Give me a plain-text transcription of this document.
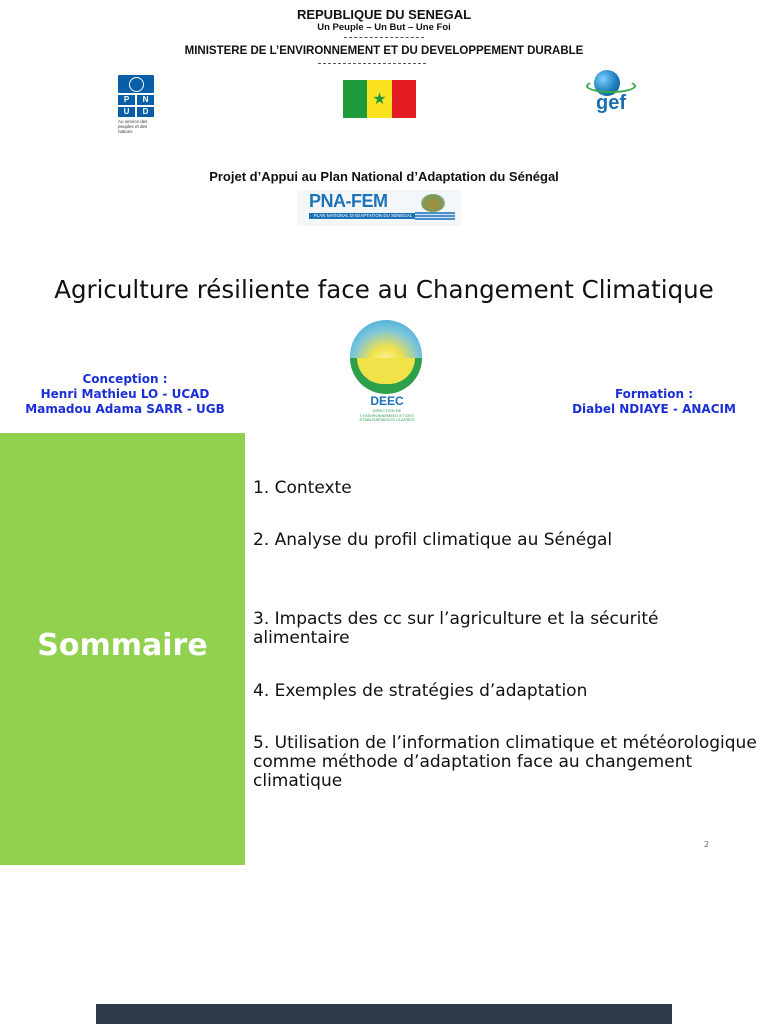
REPUBLIQUE DU SENEGAL
Un Peuple – Un But – Une Foi
MINISTERE DE L’ENVIRONNEMENT ET DU DEVELOPPEMENT DURABLE
P	N
U	D
Au service des peuples et des nations
★	gef
Projet d’Appui au Plan National d’Adaptation du Sénégal
PNA-FEM
PLAN NATIONAL D'ADAPTATION DU SÉNÉGAL
Agriculture résiliente face au Changement Climatique
DEEC
DIRECTION DE L'ENVIRONNEMENT ET DES ETABLISSEMENTS CLASSES
Conception :
Henri Mathieu LO - UCAD
Mamadou Adama SARR - UGB
Formation :
Diabel NDIAYE - ANACIM
Sommaire
1. Contexte
2. Analyse du profil climatique au Sénégal
3. Impacts des cc sur l’agriculture et la sécurité alimentaire
4. Exemples de stratégies d’adaptation
5. Utilisation de l’information climatique et météorologique comme méthode d’adaptation face au changement climatique
2
